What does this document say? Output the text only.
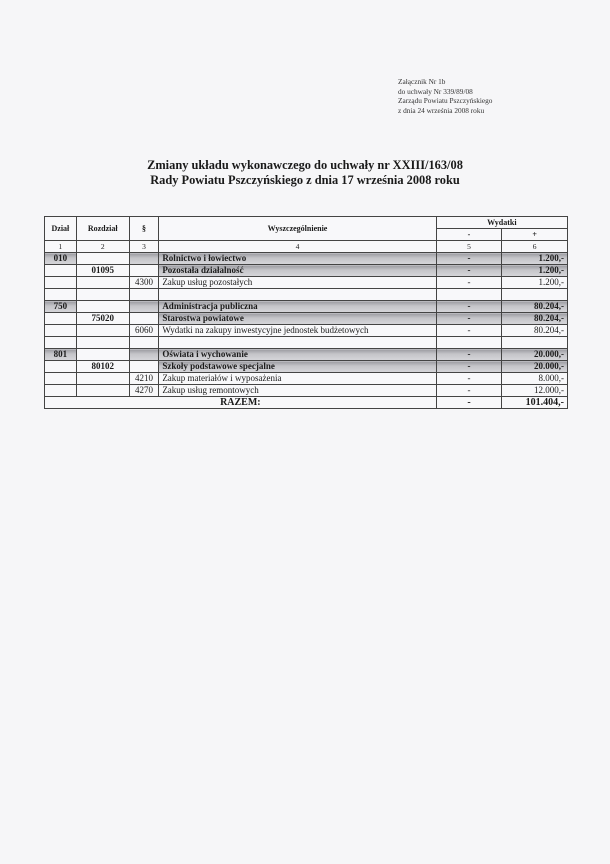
Załącznik Nr 1b
do uchwały Nr 339/89/08
Zarządu Powiatu Pszczyńskiego
z dnia 24 września 2008 roku
Zmiany układu wykonawczego do uchwały nr XXIII/163/08
Rady Powiatu Pszczyńskiego z dnia 17 września 2008 roku
Dział	Rozdział	§	Wyszczególnienie	Wydatki	
				-	+
1	2	3	4	5	6
010			Rolnictwo i łowiectwo	-	1.200,-
	01095		Pozostała działalność	-	1.200,-
		4300	Zakup usług pozostałych	-	1.200,-

750			Administracja publiczna	-	80.204,-
	75020		Starostwa powiatowe	-	80.204,-
		6060	Wydatki na zakupy inwestycyjne jednostek budżetowych	-	80.204,-

801			Oświata i wychowanie	-	20.000,-
	80102		Szkoły podstawowe specjalne	-	20.000,-
		4210	Zakup materiałów i wyposażenia	-	8.000,-
		4270	Zakup usług remontowych	-	12.000,-
RAZEM:				-	101.404,-
